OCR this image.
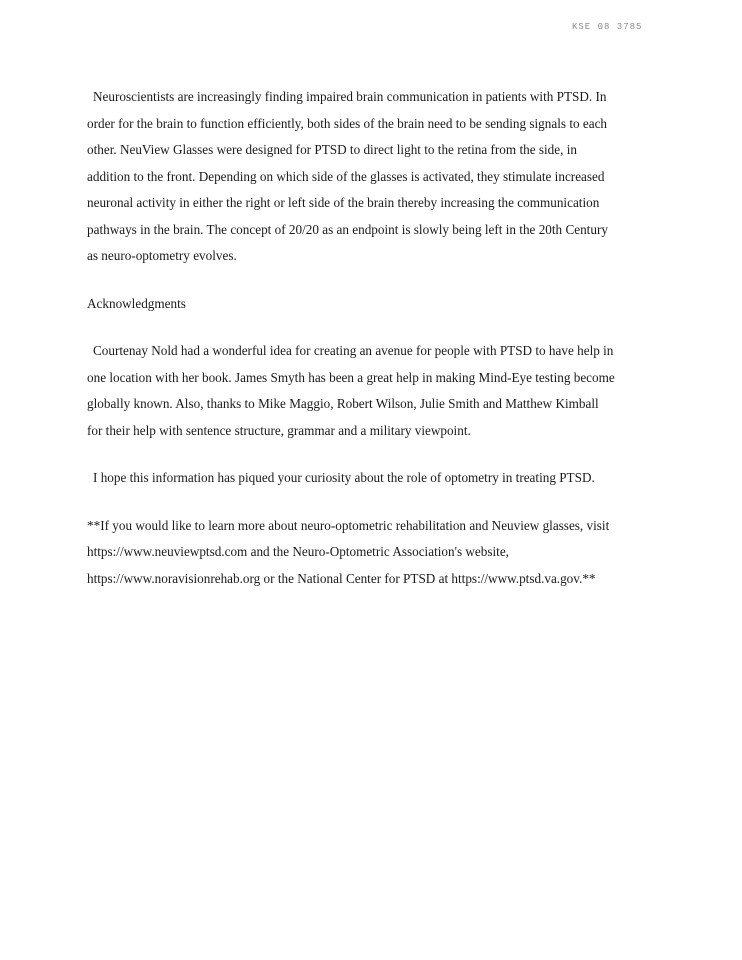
KSE 08 3785

Neuroscientists are increasingly finding impaired brain communication in patients with PTSD. In order for the brain to function efficiently, both sides of the brain need to be sending signals to each other. NeuView Glasses were designed for PTSD to direct light to the retina from the side, in addition to the front. Depending on which side of the glasses is activated, they stimulate increased neuronal activity in either the right or left side of the brain thereby increasing the communication pathways in the brain. The concept of 20/20 as an endpoint is slowly being left in the 20th Century as neuro-optometry evolves.

Acknowledgments

Courtenay Nold had a wonderful idea for creating an avenue for people with PTSD to have help in one location with her book. James Smyth has been a great help in making Mind-Eye testing become globally known. Also, thanks to Mike Maggio, Robert Wilson, Julie Smith and Matthew Kimball for their help with sentence structure, grammar and a military viewpoint.

I hope this information has piqued your curiosity about the role of optometry in treating PTSD.

**If you would like to learn more about neuro-optometric rehabilitation and Neuview glasses, visit https://www.neuviewptsd.com and the Neuro-Optometric Association's website, https://www.noravisionrehab.org or the National Center for PTSD at https://www.ptsd.va.gov.**
